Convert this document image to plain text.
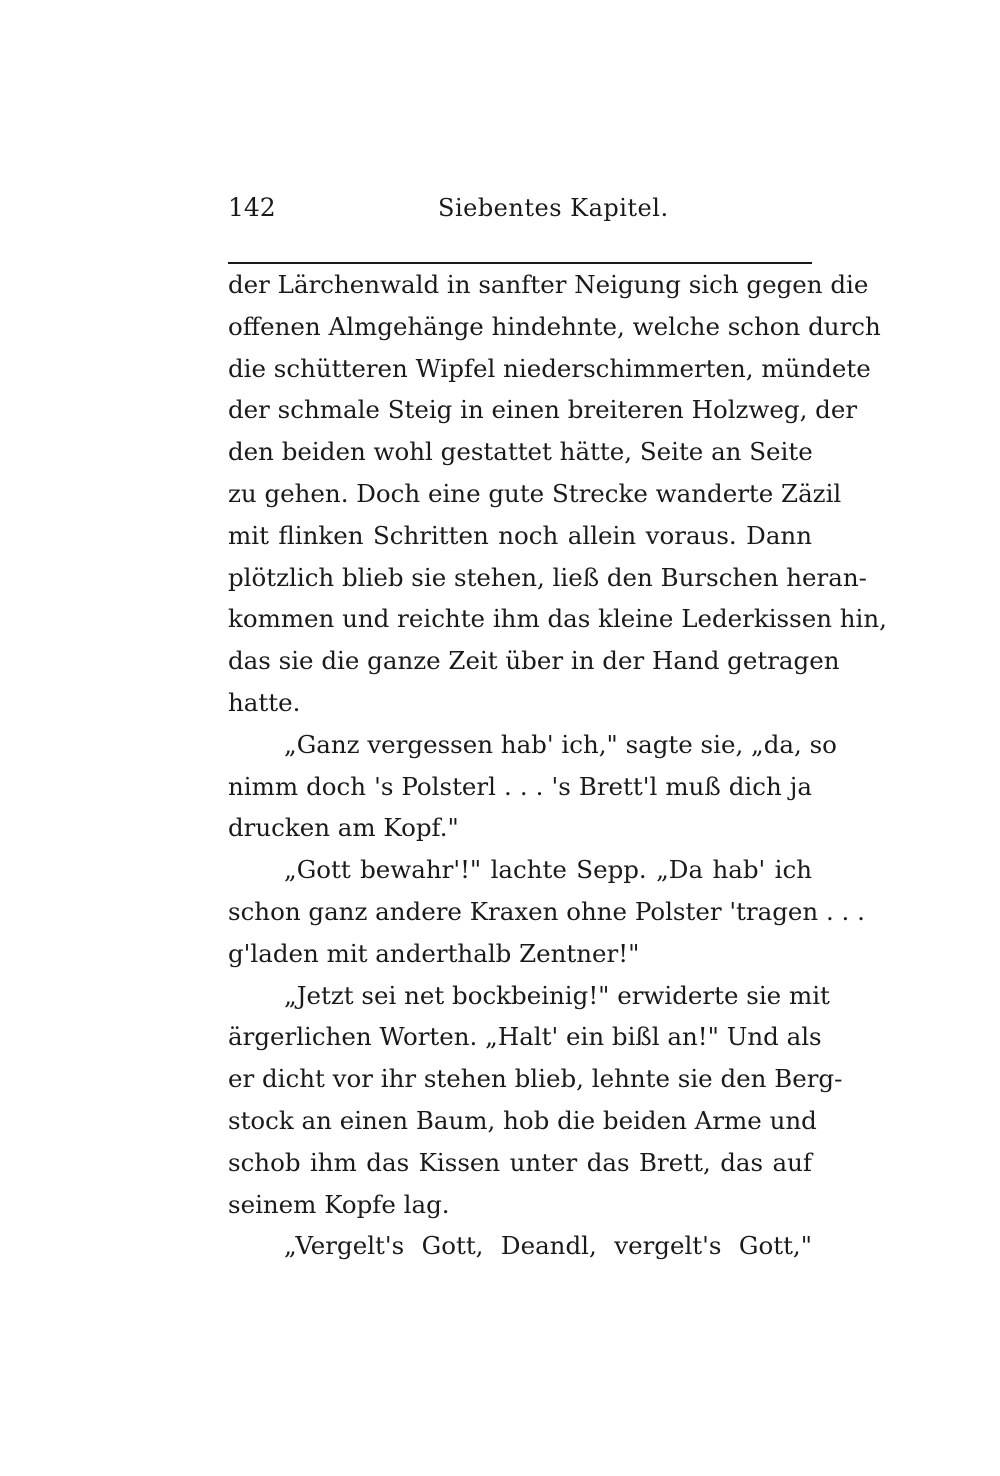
142	Siebentes Kapitel.
der Lärchenwald in sanfter Neigung sich gegen die
offenen Almgehänge hindehnte, welche schon durch
die schütteren Wipfel niederschimmerten, mündete
der schmale Steig in einen breiteren Holzweg, der
den beiden wohl gestattet hätte, Seite an Seite
zu gehen. Doch eine gute Strecke wanderte Zäzil
mit flinken Schritten noch allein voraus. Dann
plötzlich blieb sie stehen, ließ den Burschen heran-
kommen und reichte ihm das kleine Lederkissen hin,
das sie die ganze Zeit über in der Hand getragen
hatte.
„Ganz vergessen hab' ich," sagte sie, „da, so
nimm doch 's Polsterl . . . 's Brett'l muß dich ja
drucken am Kopf."
„Gott bewahr'!" lachte Sepp. „Da hab' ich
schon ganz andere Kraxen ohne Polster 'tragen . . .
g'laden mit anderthalb Zentner!"
„Jetzt sei net bockbeinig!" erwiderte sie mit
ärgerlichen Worten. „Halt' ein bißl an!" Und als
er dicht vor ihr stehen blieb, lehnte sie den Berg-
stock an einen Baum, hob die beiden Arme und
schob ihm das Kissen unter das Brett, das auf
seinem Kopfe lag.
„Vergelt's Gott, Deandl, vergelt's Gott,"
